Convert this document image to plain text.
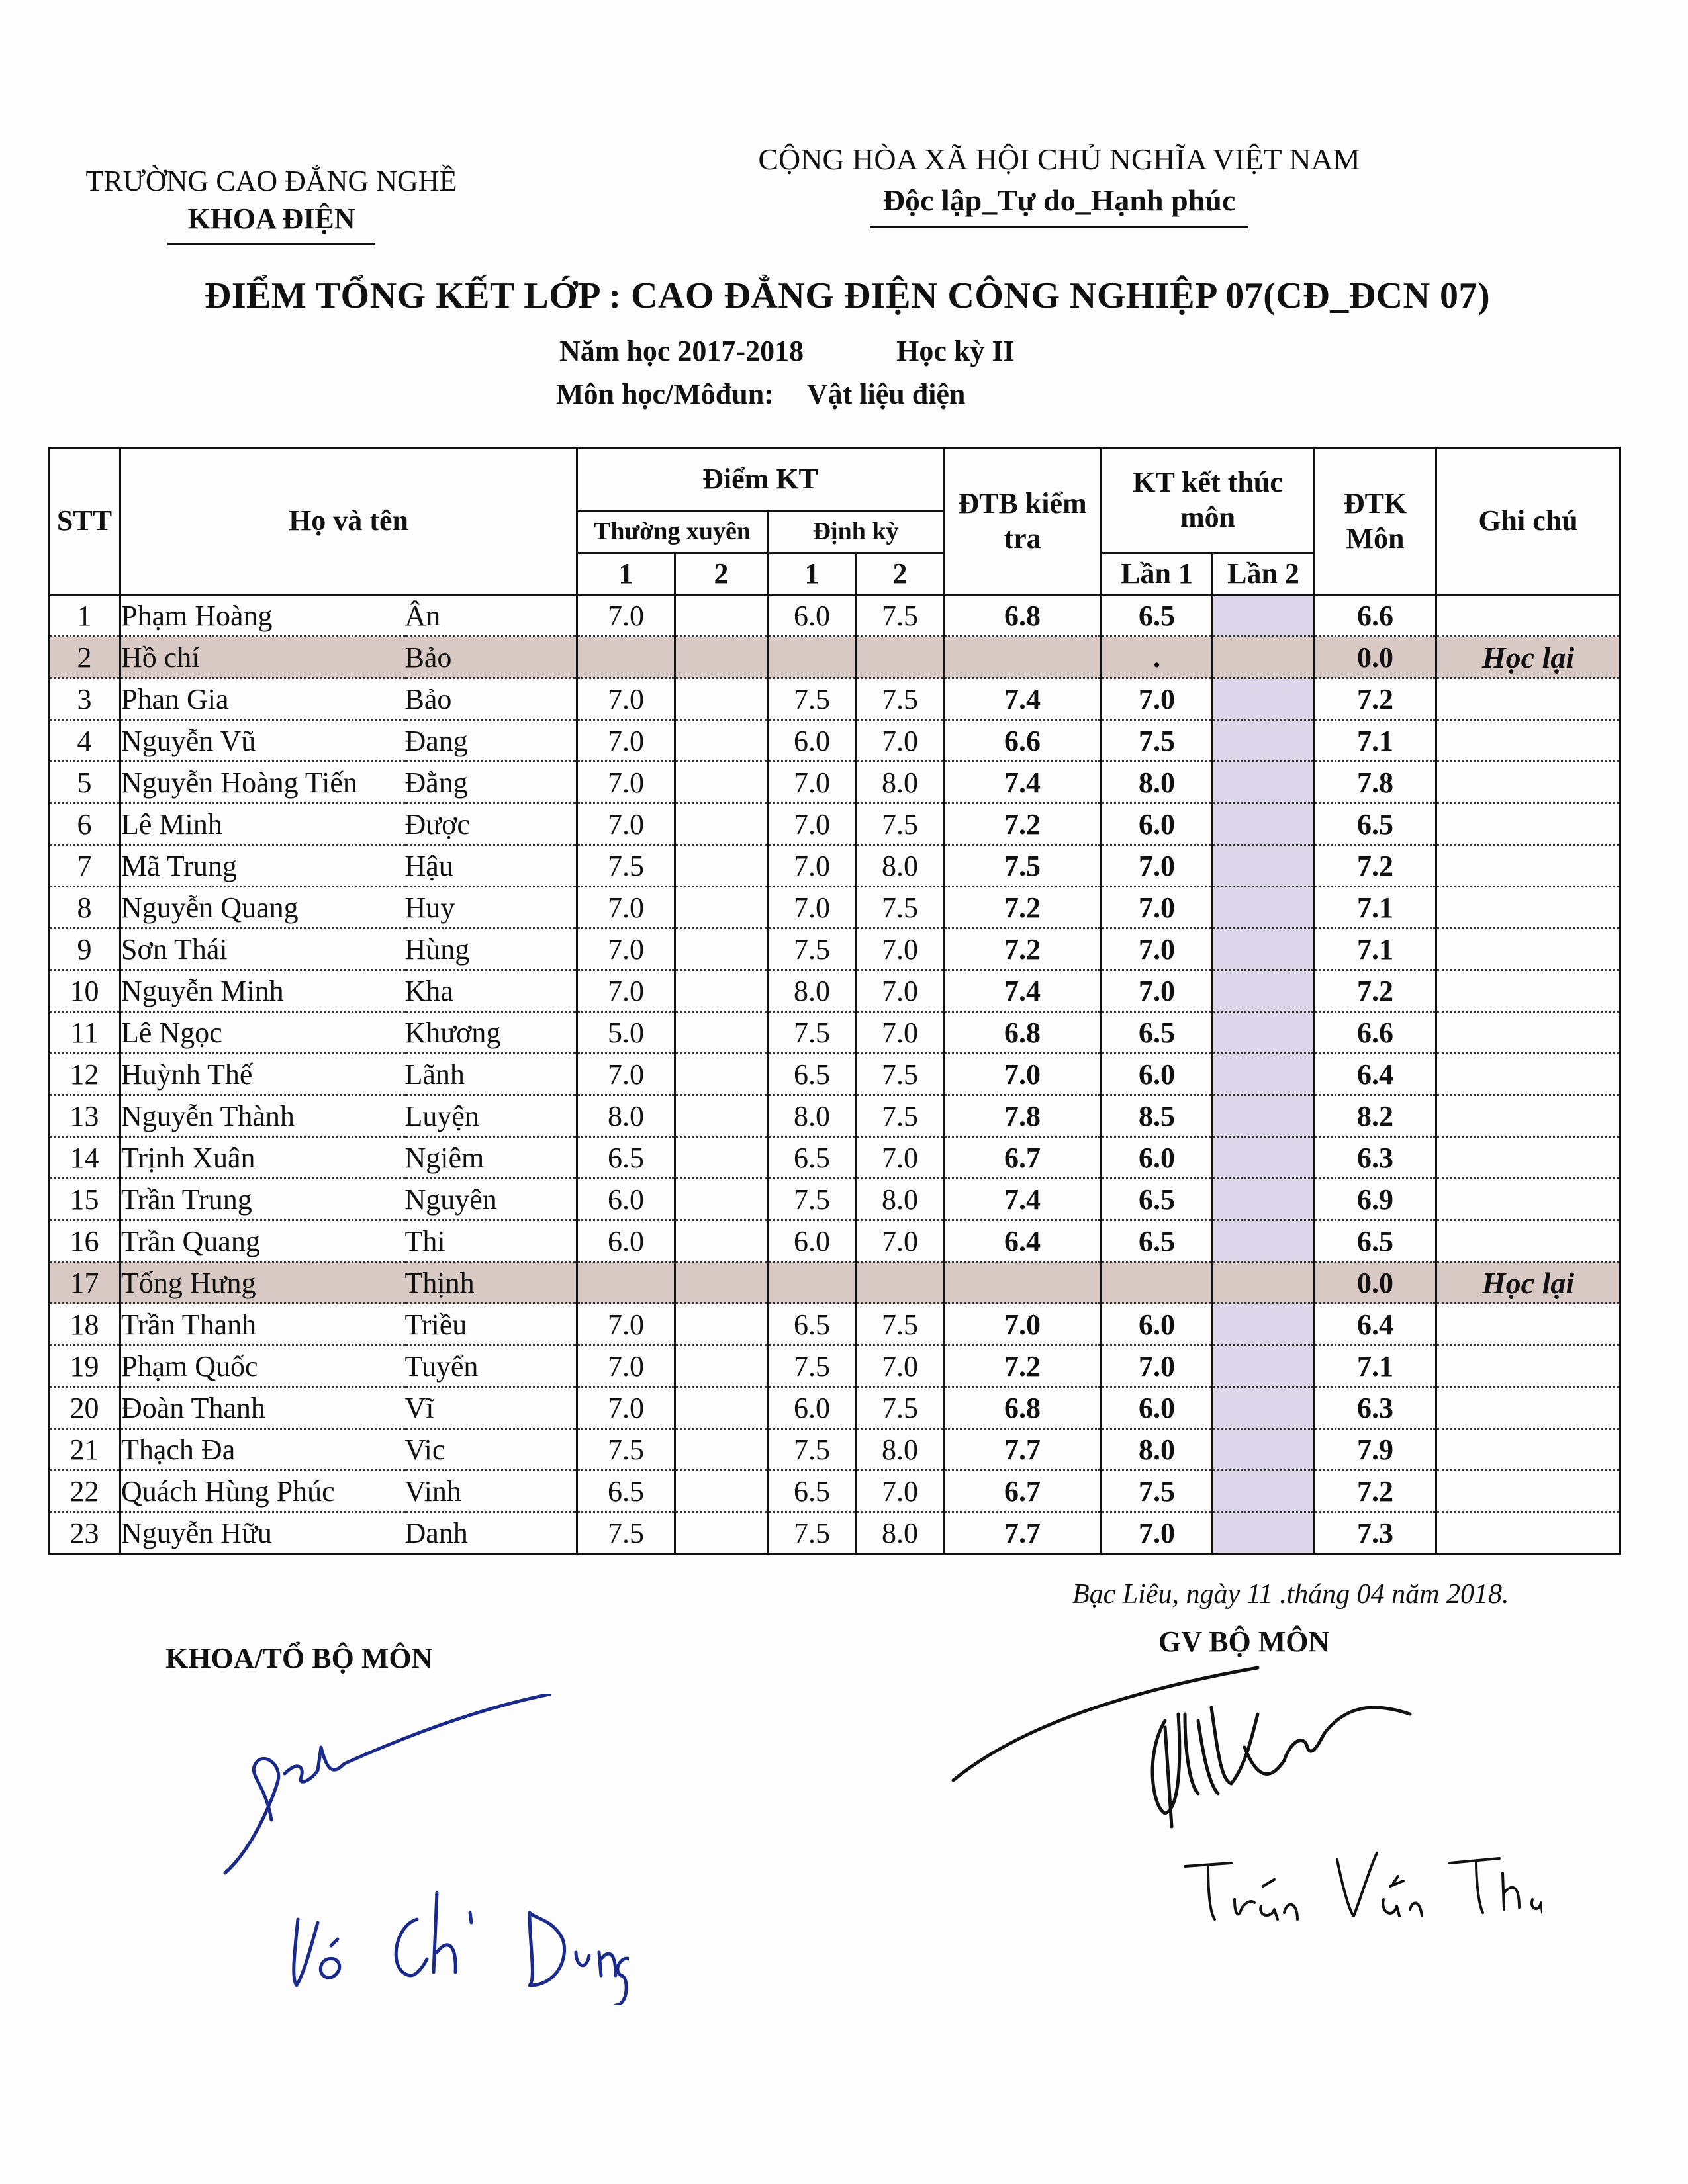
TRƯỜNG CAO ĐẲNG NGHỀ
KHOA ĐIỆN
CỘNG HÒA XÃ HỘI CHỦ NGHĨA VIỆT NAM
Độc lập_Tự do_Hạnh phúc
ĐIỂM TỔNG KẾT LỚP : CAO ĐẲNG ĐIỆN CÔNG NGHIỆP 07(CĐ_ĐCN 07)
Năm học 2017-2018	Học kỳ II
Môn học/Môđun: Vật liệu điện
STT	Họ và tên		Điểm KT				ĐTB kiểm tra	KT kết thúc môn		ĐTK Môn	Ghi chú
			Thường xuyên		Định kỳ						
			1	2	1	2		Lần 1	Lần 2		
1	Phạm Hoàng	Ân	7.0		6.0	7.5	6.8	6.5		6.6	
2	Hồ chí	Bảo						.		0.0	Học lại
3	Phan Gia	Bảo	7.0		7.5	7.5	7.4	7.0		7.2	
4	Nguyễn Vũ	Đang	7.0		6.0	7.0	6.6	7.5		7.1	
5	Nguyễn Hoàng Tiến	Đằng	7.0		7.0	8.0	7.4	8.0		7.8	
6	Lê Minh	Được	7.0		7.0	7.5	7.2	6.0		6.5	
7	Mã Trung	Hậu	7.5		7.0	8.0	7.5	7.0		7.2	
8	Nguyễn Quang	Huy	7.0		7.0	7.5	7.2	7.0		7.1	
9	Sơn Thái	Hùng	7.0		7.5	7.0	7.2	7.0		7.1	
10	Nguyễn Minh	Kha	7.0		8.0	7.0	7.4	7.0		7.2	
11	Lê Ngọc	Khương	5.0		7.5	7.0	6.8	6.5		6.6	
12	Huỳnh Thế	Lãnh	7.0		6.5	7.5	7.0	6.0		6.4	
13	Nguyễn Thành	Luyện	8.0		8.0	7.5	7.8	8.5		8.2	
14	Trịnh Xuân	Ngiêm	6.5		6.5	7.0	6.7	6.0		6.3	
15	Trần Trung	Nguyên	6.0		7.5	8.0	7.4	6.5		6.9	
16	Trần Quang	Thi	6.0		6.0	7.0	6.4	6.5		6.5	
17	Tống Hưng	Thịnh								0.0	Học lại
18	Trần Thanh	Triều	7.0		6.5	7.5	7.0	6.0		6.4	
19	Phạm Quốc	Tuyển	7.0		7.5	7.0	7.2	7.0		7.1	
20	Đoàn Thanh	Vĩ	7.0		6.0	7.5	6.8	6.0		6.3	
21	Thạch Đa	Vic	7.5		7.5	8.0	7.7	8.0		7.9	
22	Quách Hùng Phúc	Vinh	6.5		6.5	7.0	6.7	7.5		7.2	
23	Nguyễn Hữu	Danh	7.5		7.5	8.0	7.7	7.0		7.3	
Bạc Liêu, ngày 11 .tháng 04 năm 2018.
KHOA/TỔ BỘ MÔN
GV BỘ MÔN
